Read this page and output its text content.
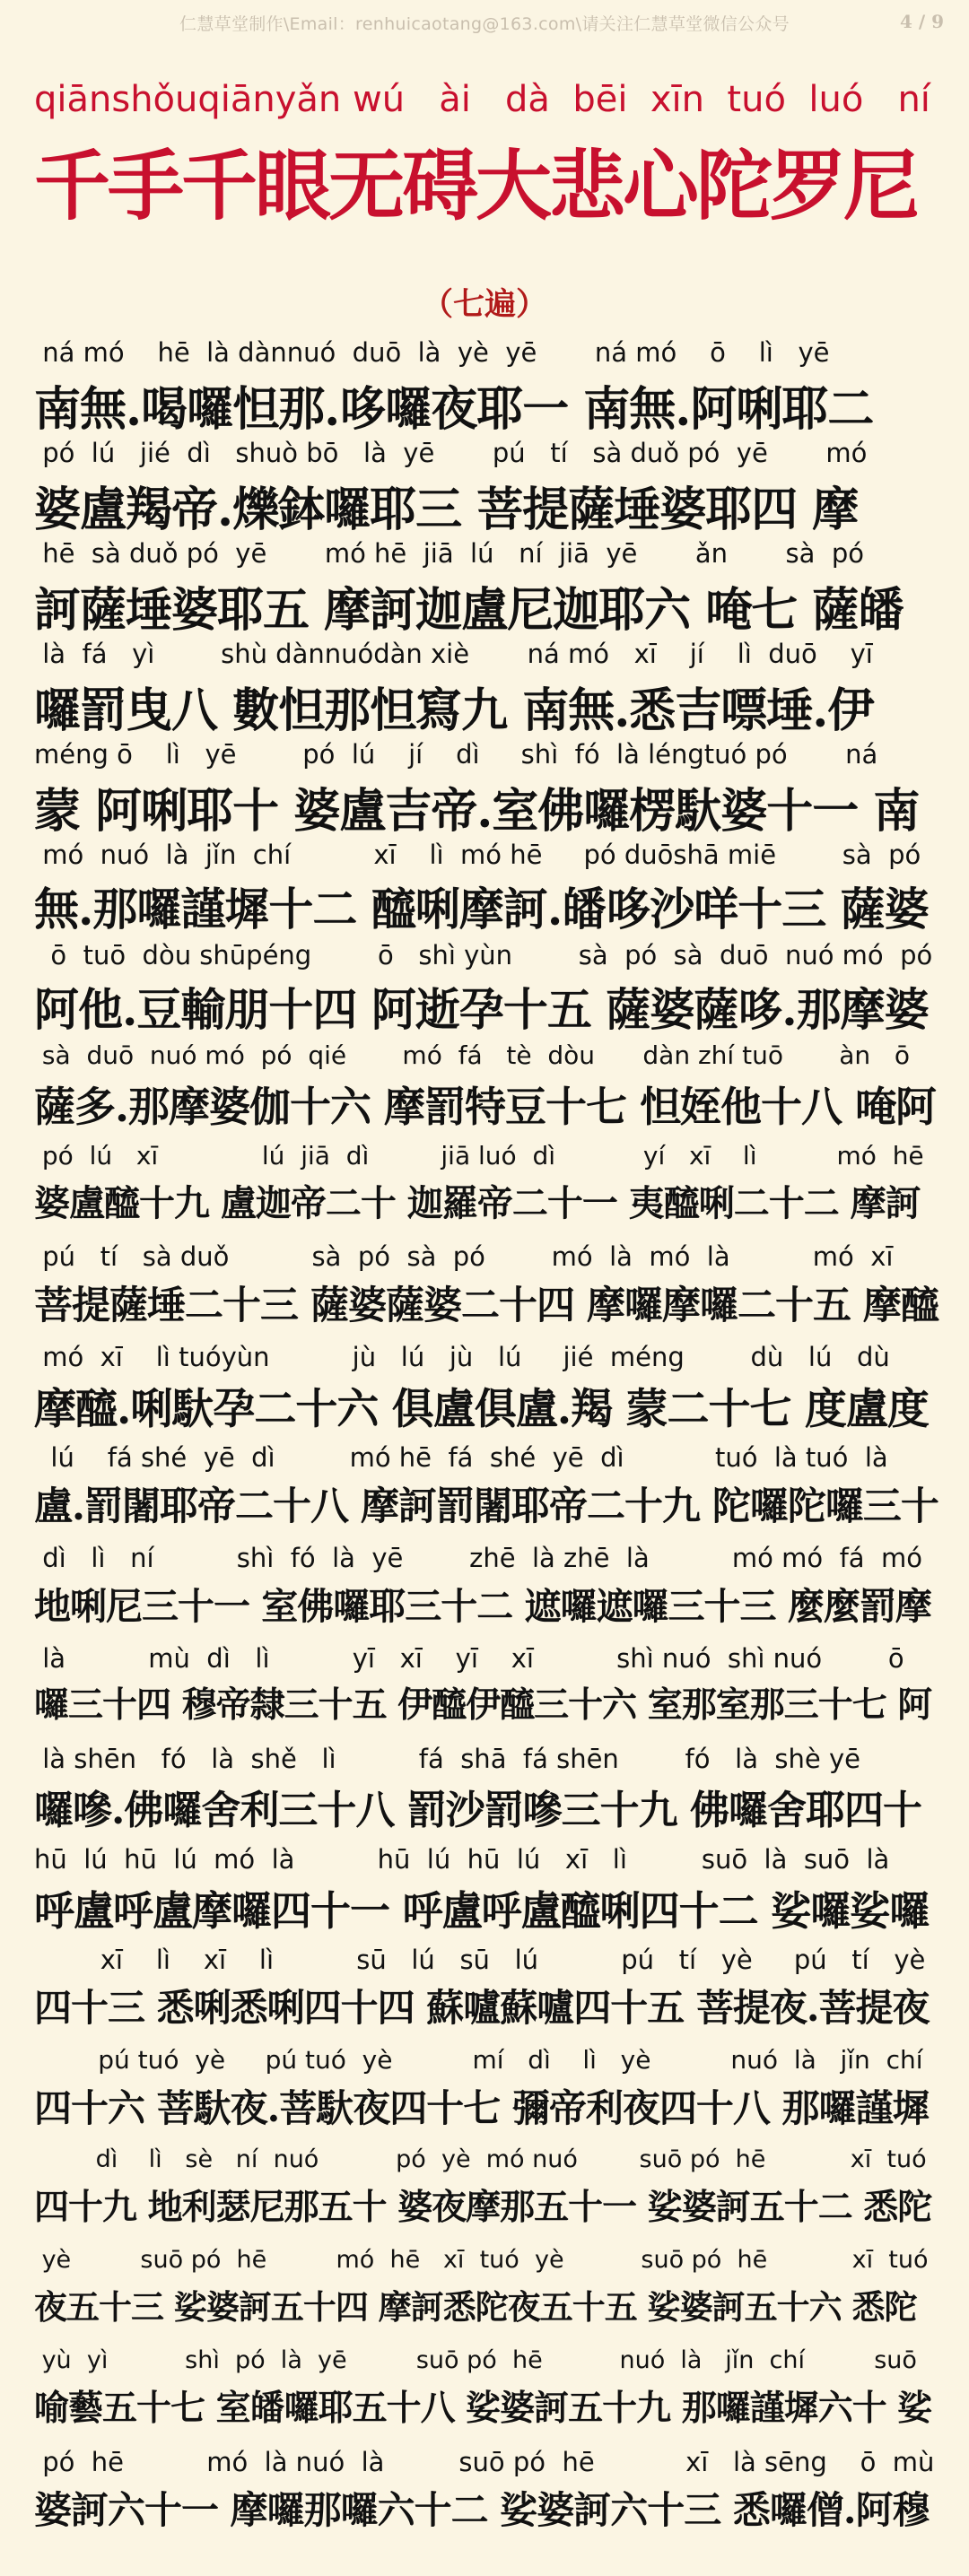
仁慧草堂制作\Email：renhuicaotang@163.com\请关注仁慧草堂微信公众号	4 / 9
qiānshǒuqiānyǎn wú   ài   dà  bēi  xīn  tuó  luó   ní
千手千眼无碍大悲心陀罗尼
（七遍）
ná mó    hē  là dànnuó  duō  là  yè  yē       ná mó    ō    lì   yē
南無.喝囉怛那.哆囉夜耶一 南無.阿唎耶二
pó  lú   jié  dì   shuò bō   là  yē       pú   tí   sà duǒ pó  yē       mó
婆盧羯帝.爍鉢囉耶三 菩提薩埵婆耶四 摩
hē  sà duǒ pó  yē       mó hē  jiā  lú   ní  jiā  yē       ǎn       sà  pó
訶薩埵婆耶五 摩訶迦盧尼迦耶六 唵七 薩皤
là  fá   yì        shù dànnuódàn xiè       ná mó   xī    jí    lì  duō    yī
囉罰曳八 數怛那怛寫九 南無.悉吉嘌埵.伊
méng ō    lì   yē        pó  lú    jí    dì     shì  fó  là léngtuó pó       ná
蒙 阿唎耶十 婆盧吉帝.室佛囉楞馱婆十一 南
mó  nuó  là  jǐn  chí          xī    lì  mó hē     pó duōshā miē        sà  pó
無.那囉謹墀十二 醯唎摩訶.皤哆沙咩十三 薩婆
ō  tuō  dòu shūpéng        ō   shì yùn        sà  pó  sà  duō  nuó mó  pó
阿他.豆輸朋十四 阿逝孕十五 薩婆薩哆.那摩婆
sà  duō  nuó mó  pó  qié       mó  fá   tè  dòu      dàn zhí tuō       àn   ō
薩多.那摩婆伽十六 摩罰特豆十七 怛姪他十八 唵阿
pó  lú   xī             lú  jiā  dì         jiā luó  dì           yí   xī    lì          mó  hē
婆盧醯十九 盧迦帝二十 迦羅帝二十一 夷醯唎二十二 摩訶
pú   tí   sà duǒ          sà  pó  sà  pó        mó  là  mó  là          mó  xī
菩提薩埵二十三 薩婆薩婆二十四 摩囉摩囉二十五 摩醯
mó  xī    lì tuóyùn          jù   lú   jù   lú     jié  méng        dù   lú   dù
摩醯.唎馱孕二十六 俱盧俱盧.羯 蒙二十七 度盧度
lú    fá shé  yē  dì         mó hē  fá  shé  yē  dì           tuó  là tuó  là
盧.罰闍耶帝二十八 摩訶罰闍耶帝二十九 陀囉陀囉三十
dì   lì   ní          shì  fó  là  yē        zhē  là zhē  là          mó mó  fá  mó
地唎尼三十一 室佛囉耶三十二 遮囉遮囉三十三 麼麼罰摩
là          mù  dì   lì          yī   xī    yī    xī          shì nuó  shì nuó        ō
囉三十四 穆帝隸三十五 伊醯伊醯三十六 室那室那三十七 阿
là shēn   fó   là  shě   lì          fá  shā  fá shēn        fó   là  shè yē
囉嘇.佛囉舍利三十八 罰沙罰嘇三十九 佛囉舍耶四十
hū  lú  hū  lú  mó  là          hū  lú  hū  lú   xī   lì         suō  là  suō  là
呼盧呼盧摩囉四十一 呼盧呼盧醯唎四十二 娑囉娑囉
xī    lì    xī    lì          sū   lú   sū   lú          pú   tí   yè     pú   tí   yè
四十三 悉唎悉唎四十四 蘇嚧蘇嚧四十五 菩提夜.菩提夜
pú tuó  yè     pú tuó  yè          mí   dì    lì   yè          nuó  là   jǐn  chí
四十六 菩馱夜.菩馱夜四十七 彌帝利夜四十八 那囉謹墀
dì    lì   sè   ní  nuó          pó  yè  mó nuó        suō pó  hē           xī  tuó
四十九 地利瑟尼那五十 婆夜摩那五十一 娑婆訶五十二 悉陀
yè         suō pó  hē         mó  hē   xī  tuó  yè          suō pó  hē           xī  tuó
夜五十三 娑婆訶五十四 摩訶悉陀夜五十五 娑婆訶五十六 悉陀
yù  yì          shì  pó  là  yē         suō pó  hē          nuó  là   jǐn  chí         suō
喻藝五十七 室皤囉耶五十八 娑婆訶五十九 那囉謹墀六十 娑
pó  hē          mó  là nuó  là         suō pó  hē           xī   là sēng    ō  mù
婆訶六十一 摩囉那囉六十二 娑婆訶六十三 悉囉僧.阿穆
